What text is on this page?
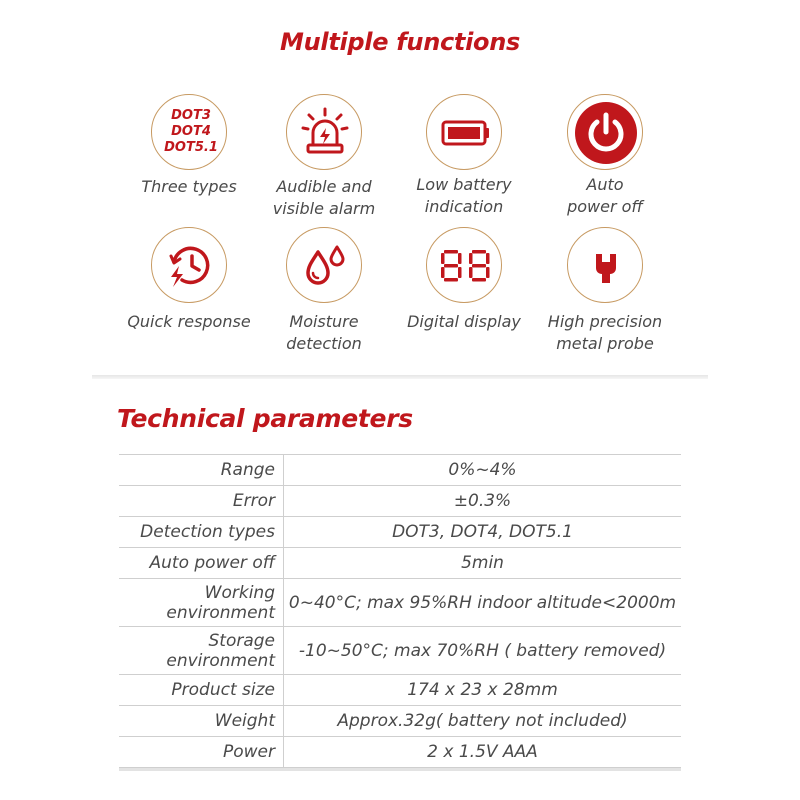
Multiple functions
DOT3
DOT4
DOT5.1
Three types	Audible and
visible alarm
Low battery
indication
Auto
power off
Quick response	Moisture
detection
Digital display	High precision
metal probe
Technical parameters
Range	0%~4%
Error	±0.3%
Detection types	DOT3, DOT4, DOT5.1
Auto power off	5min
Working
environment	0~40°C; max 95%RH indoor altitude<2000m
Storage
environment	-10~50°C; max 70%RH ( battery removed)
Product size	174 x 23 x 28mm
Weight	Approx.32g( battery not included)
Power	2 x 1.5V AAA
